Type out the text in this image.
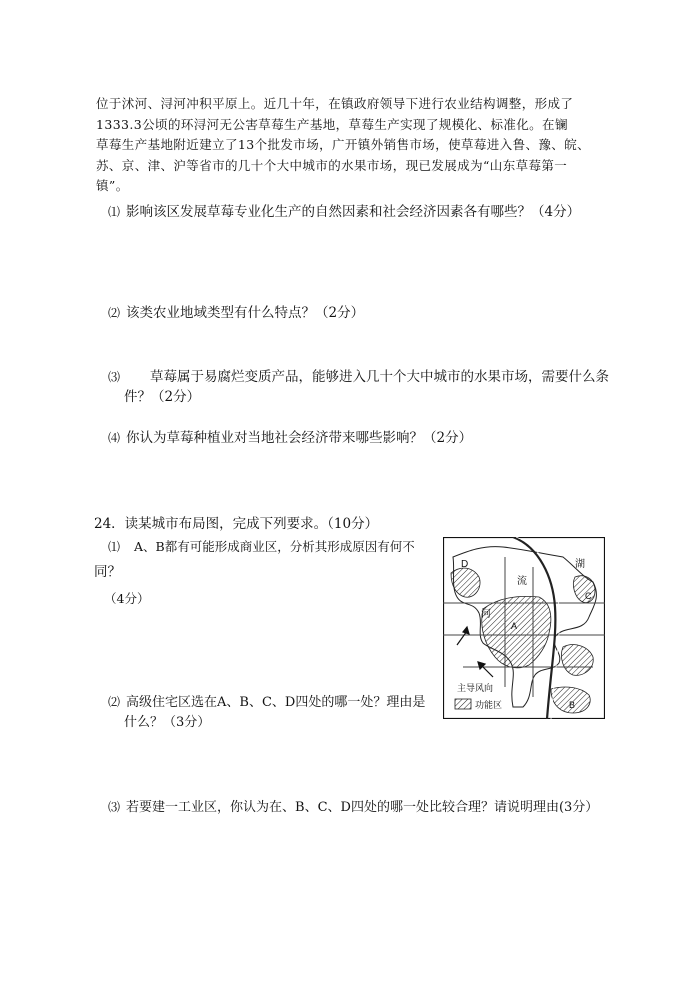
位于沭河、浔河冲积平原上。近几十年，在镇政府领导下进行农业结构调整，形成了
1333.3公顷的环浔河无公害草莓生产基地，草莓生产实现了规模化、标准化。在镧
草莓生产基地附近建立了13个批发市场，广开镇外销售市场，使草莓进入鲁、豫、皖、
苏、京、津、沪等省市的几十个大中城市的水果市场，现已发展成为“山东草莓第一
镇”。
⑴ 影响该区发展草莓专业化生产的自然因素和社会经济因素各有哪些？（4分）
⑵ 该类农业地域类型有什么特点？（2分）
⑶ 草莓属于易腐烂变质产品，能够进入几十个大中城市的水果市场，需要什么条
件？（2分）
⑷ 你认为草莓种植业对当地社会经济带来哪些影响？（2分）
24．读某城市布局图，完成下列要求。（10分）
⑴ A、B都有可能形成商业区，分析其形成原因有何不
同？
（4分）
⑵ 高级住宅区选在A、B、C、D四处的哪一处？理由是
什么？（3分）
⑶ 若要建一工业区，你认为在、B、C、D四处的哪一处比较合理？请说明理由(3分）
D
流
湖
C
河
A
主导风向
功能区	B
